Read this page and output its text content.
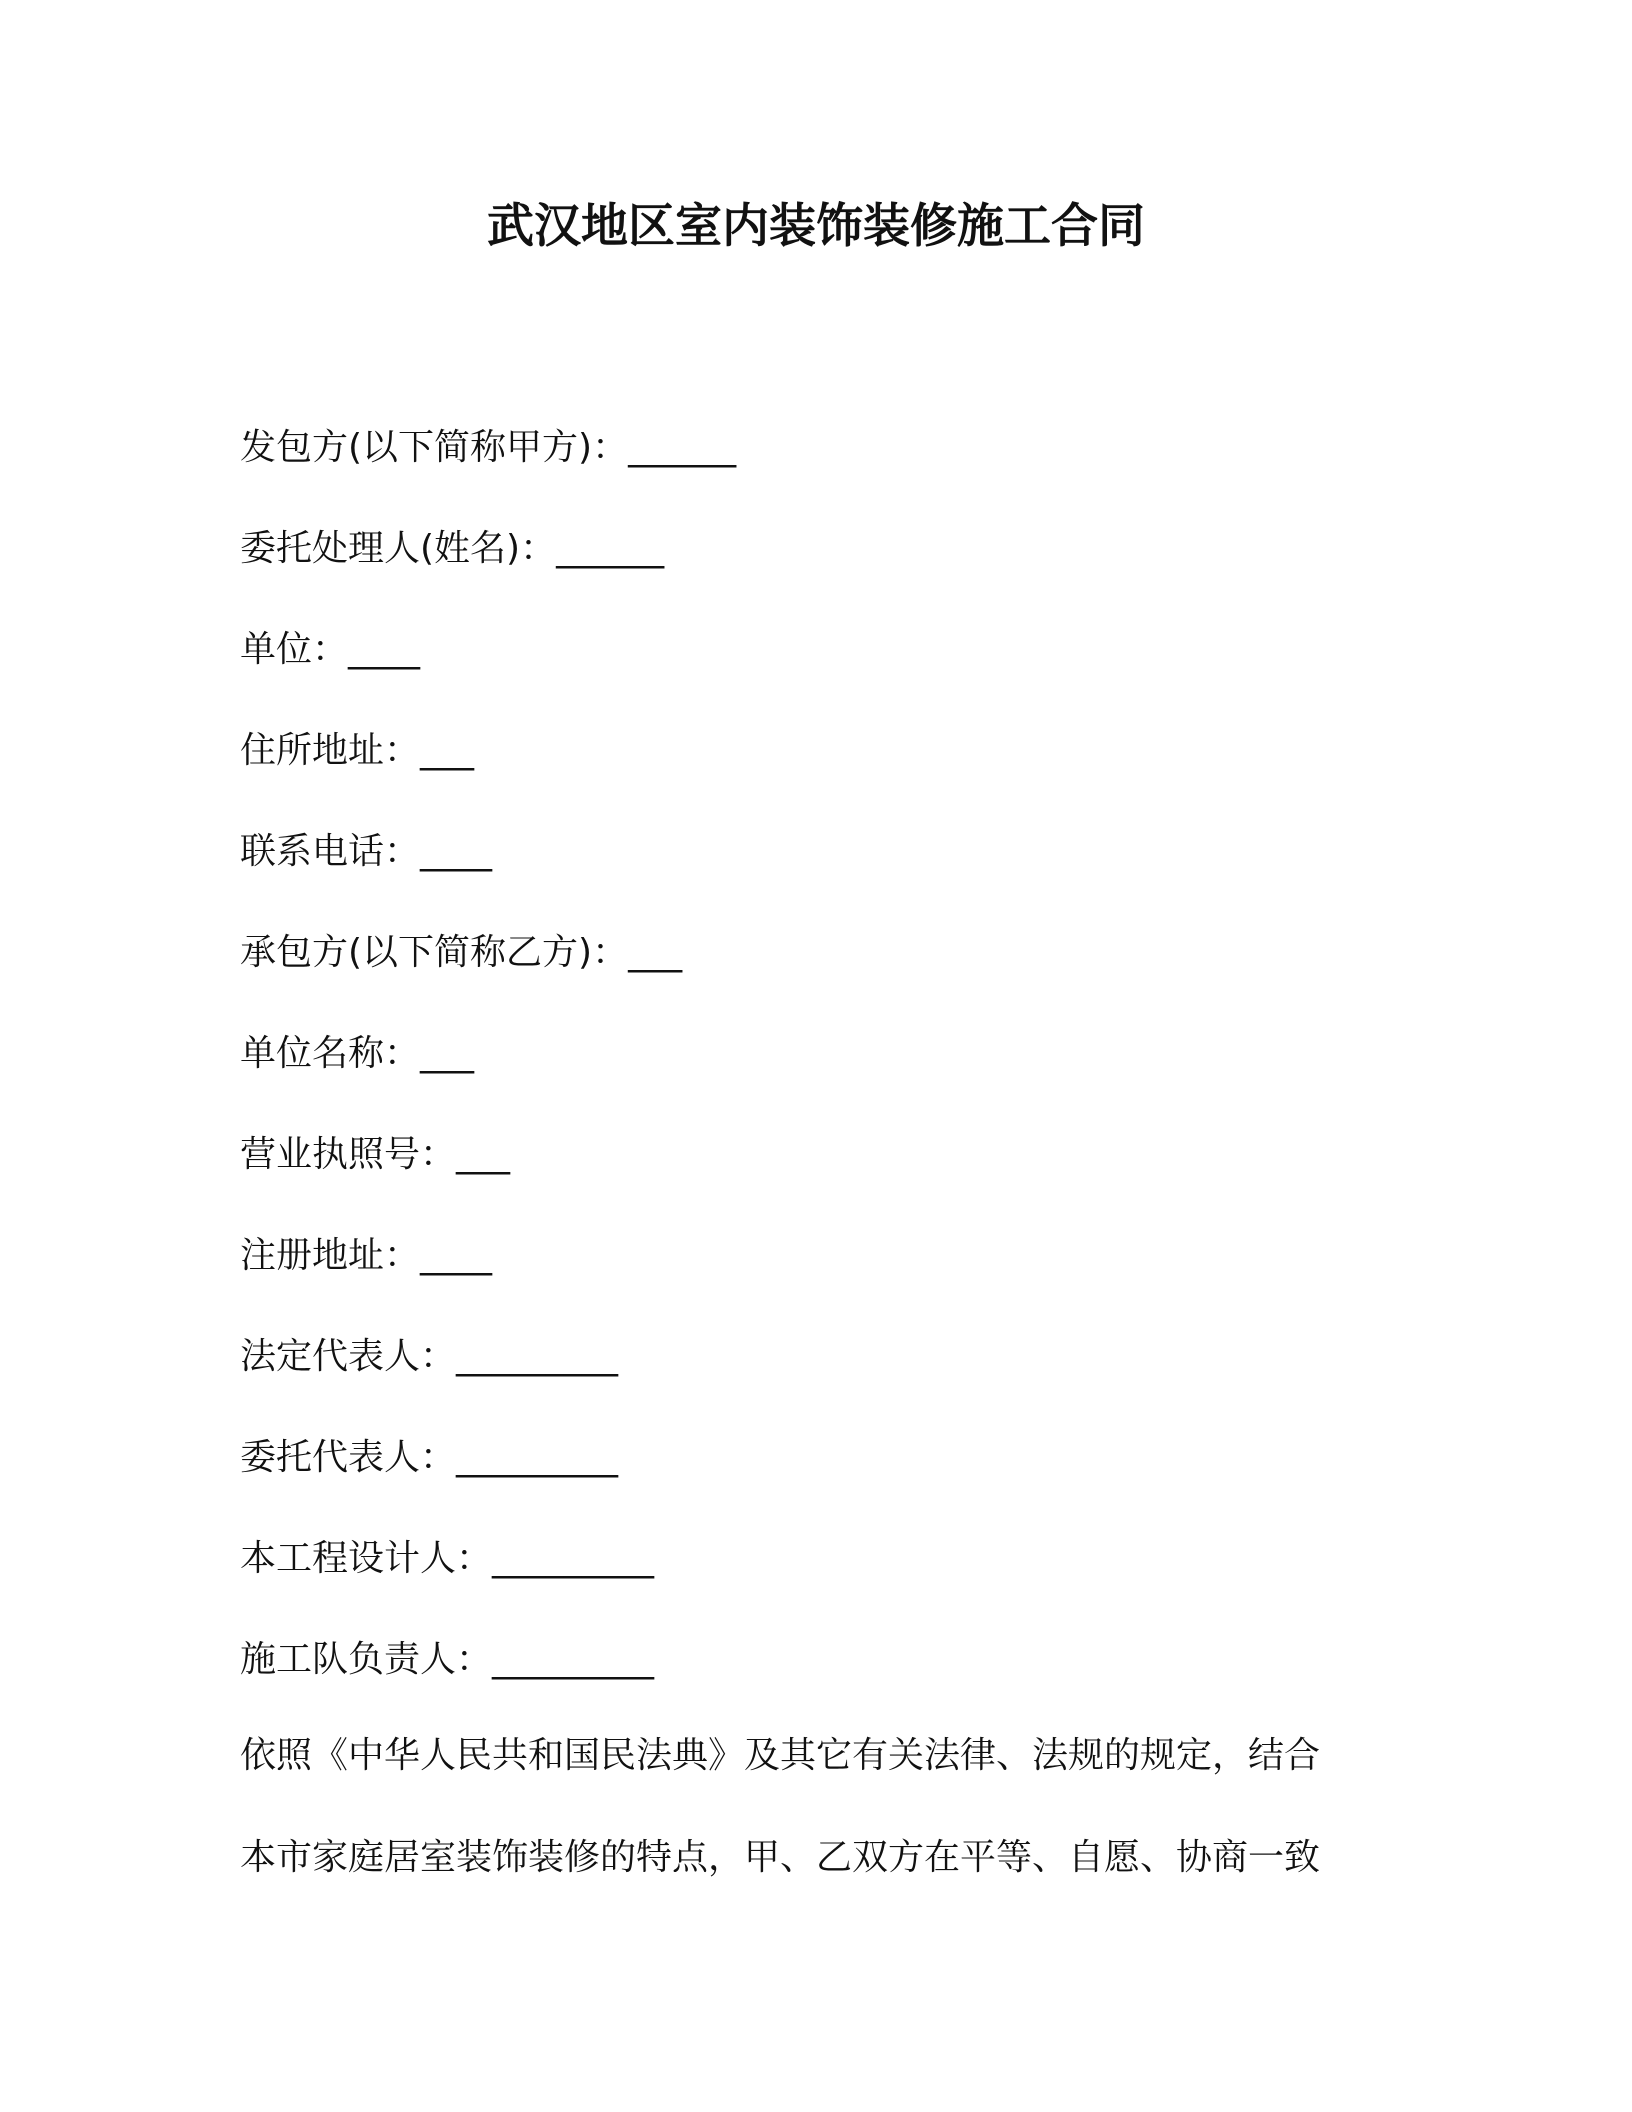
武汉地区室内装饰装修施工合同
发包方(以下简称甲方)：______
委托处理人(姓名)：______
单位：____
住所地址：___
联系电话：____
承包方(以下简称乙方)：___
单位名称：___
营业执照号：___
注册地址：____
法定代表人：_________
委托代表人：_________
本工程设计人：_________
施工队负责人：_________
依照《中华人民共和国民法典》及其它有关法律、法规的规定，结合
本市家庭居室装饰装修的特点，甲、乙双方在平等、自愿、协商一致
